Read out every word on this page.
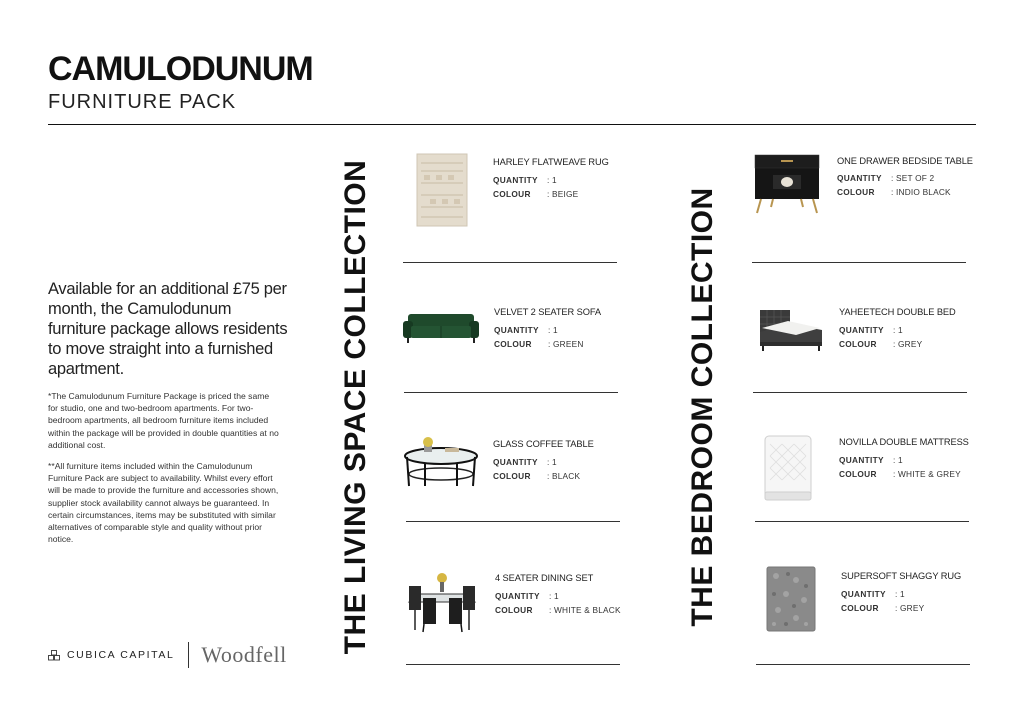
CAMULODUNUM
FURNITURE PACK
Available for an additional £75 per month, the Camulodunum furniture package allows residents to move straight into a furnished apartment.
*The Camulodunum Furniture Package is priced the same for studio, one and two-bedroom apartments. For two-bedroom apartments, all bedroom furniture items included within the package will be provided in double quantities at no additional cost.
**All furniture items included within the Camulodunum Furniture Pack are subject to availability. Whilst every effort will be made to provide the furniture and accessories shown, supplier stock availability cannot always be guaranteed. In certain circumstances, items may be substituted with similar alternatives of comparable style and quality without prior notice.
CUBICA CAPITAL Woodfell
THE LIVING SPACE COLLECTION	THE BEDROOM COLLECTION
HARLEY FLATWEAVE RUG
QUANTITY : 1
COLOUR : BEIGE
VELVET 2 SEATER SOFA
QUANTITY : 1
COLOUR : GREEN
GLASS COFFEE TABLE
QUANTITY : 1
COLOUR : BLACK
4 SEATER DINING SET
QUANTITY : 1
COLOUR : WHITE & BLACK
ONE DRAWER BEDSIDE TABLE
QUANTITY : SET OF 2
COLOUR : INDIO BLACK
YAHEETECH DOUBLE BED
QUANTITY : 1
COLOUR : GREY
NOVILLA DOUBLE MATTRESS
QUANTITY : 1
COLOUR : WHITE & GREY
SUPERSOFT SHAGGY RUG
QUANTITY : 1
COLOUR : GREY
